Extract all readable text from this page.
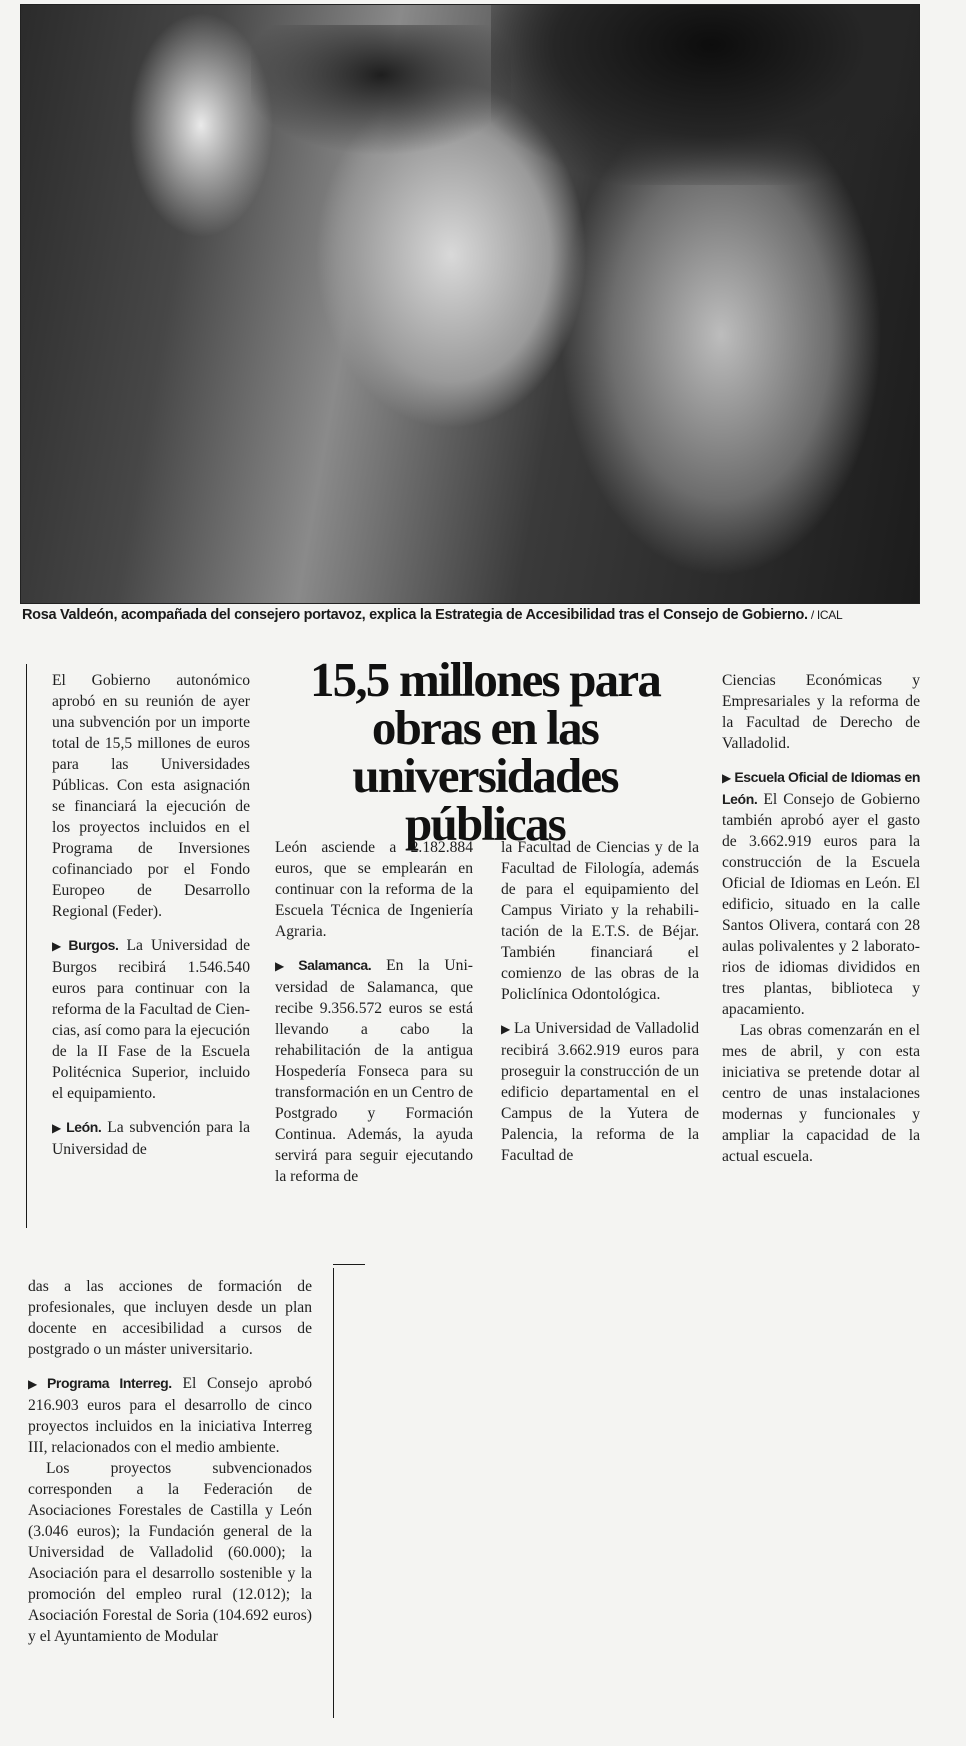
Rosa Valdeón, acompañada del consejero portavoz, explica la Estrategia de Accesibilidad tras el Consejo de Gobierno. / ICAL
15,5 millones para obras en las universidades públicas

El Gobierno autonómico aprobó en su reunión de ayer una subvención por un importe total de 15,5 millones de euros para las Universidades Públicas. Con esta asignación se financiará la ejecución de los proyectos incluidos en el Programa de Inversiones cofinanciado por el Fondo Europeo de Desarrollo Regional (Feder).

▶ Burgos. La Universidad de Burgos recibirá 1.546.540 euros para continuar con la reforma de la Facultad de Ciencias, así como para la ejecución de la II Fase de la Escuela Politécnica Superior, incluido el equipamiento.

▶ León. La subvención para la Universidad de

León asciende a 2.182.884 euros, que se emplearán en continuar con la reforma de la Escuela Técnica de Ingeniería Agraria.

▶ Salamanca. En la Universidad de Salamanca, que recibe 9.356.572 euros se está llevando a cabo la rehabilitación de la antigua Hospedería Fonseca para su transformación en un Centro de Postgrado y Formación Continua. Además, la ayuda servirá para seguir ejecutando la reforma de

la Facultad de Ciencias y de la Facultad de Filología, además de para el equipamiento del Campus Viriato y la rehabilitación de la E.T.S. de Béjar. También financiará el comienzo de las obras de la Policlínica Odontológica.

▶ La Universidad de Valladolid recibirá 3.662.919 euros para proseguir la construcción de un edificio departamental en el Campus de la Yutera de Palencia, la reforma de la Facultad de

Ciencias Económicas y Empresariales y la reforma de la Facultad de Derecho de Valladolid.

▶ Escuela Oficial de Idiomas en León. El Consejo de Gobierno también aprobó ayer el gasto de 3.662.919 euros para la construcción de la Escuela Oficial de Idiomas en León. El edificio, situado en la calle Santos Olivera, contará con 28 aulas polivalentes y 2 laboratorios de idiomas divididos en tres plantas, biblioteca y apacamiento.

Las obras comenzarán en el mes de abril, y con esta iniciativa se pretende dotar al centro de unas instalaciones modernas y funcionales y ampliar la capacidad de la actual escuela.

das a las acciones de formación de profesionales, que incluyen desde un plan docente en accesibilidad a cursos de postgrado o un máster universitario.

▶ Programa Interreg. El Consejo aprobó 216.903 euros para el desarrollo de cinco proyectos incluidos en la iniciativa Interreg III, relacionados con el medio ambiente.

Los proyectos subvencionados corresponden a la Federación de Asociaciones Forestales de Castilla y León (3.046 euros); la Fundación general de la Universidad de Valladolid (60.000); la Asociación para el desarrollo sostenible y la promoción del empleo rural (12.012); la Asociación Forestal de Soria (104.692 euros) y el Ayuntamiento de Modular
